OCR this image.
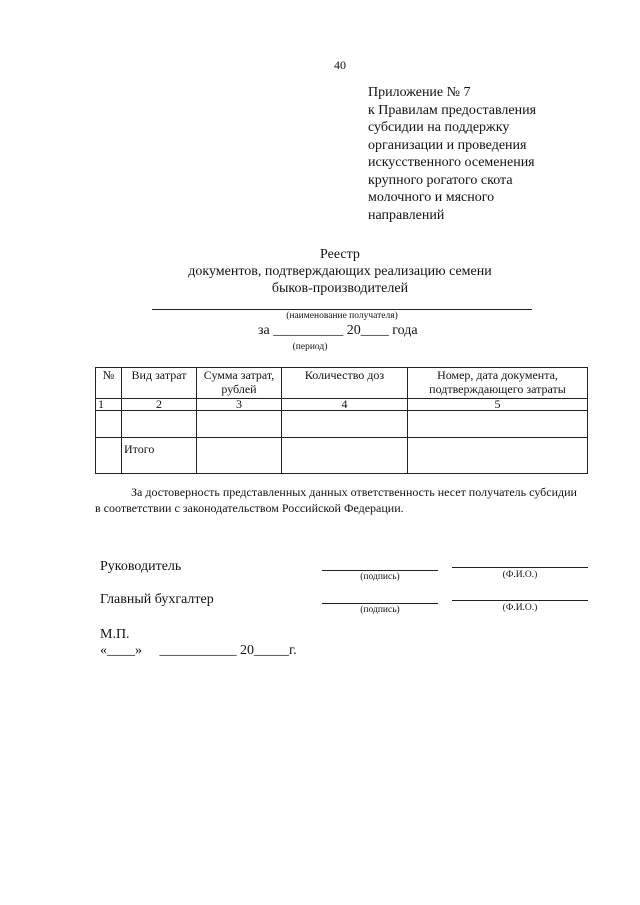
40
Приложение № 7
к Правилам предоставления
субсидии на поддержку
организации и проведения
искусственного осеменения
крупного рогатого скота
молочного и мясного
направлений
Реестр
документов, подтверждающих реализацию семени
быков-производителей
(наименование получателя)
за __________ 20____ года
(период)
№	Вид затрат	Сумма затрат, рублей	Количество доз	Номер, дата документа, подтверждающего затраты
1	2	3	4	5

	Итого			

За достоверность представленных данных ответственность несет получатель субсидии

в соответствии с законодательством Российской Федерации.

Руководитель
(подпись)	(Ф.И.О.)
Главный бухгалтер
(подпись)	(Ф.И.О.)
М.П.
«____» ___________ 20_____г.
